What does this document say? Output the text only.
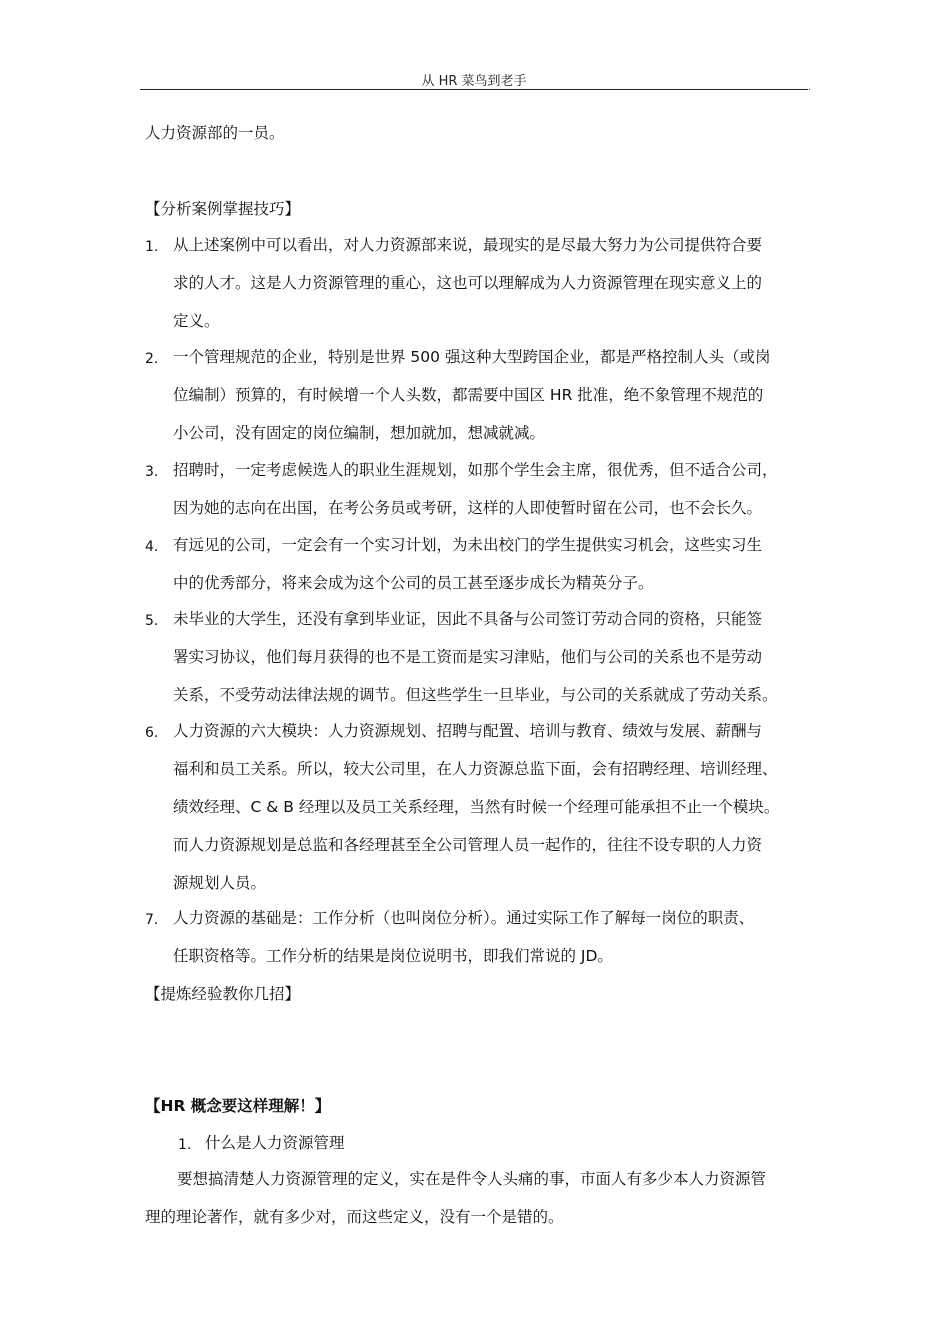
从 HR 菜鸟到老手	.
人力资源部的一员。
【分析案例掌握技巧】
1. 从上述案例中可以看出，对人力资源部来说，最现实的是尽最大努力为公司提供符合要
求的人才。这是人力资源管理的重心，这也可以理解成为人力资源管理在现实意义上的
定义。
2. 一个管理规范的企业，特别是世界 500 强这种大型跨国企业，都是严格控制人头（或岗
位编制）预算的，有时候增一个人头数，都需要中国区 HR 批准，绝不象管理不规范的
小公司，没有固定的岗位编制，想加就加，想减就减。
3. 招聘时，一定考虑候选人的职业生涯规划，如那个学生会主席，很优秀，但不适合公司，
因为她的志向在出国，在考公务员或考研，这样的人即使暂时留在公司，也不会长久。
4. 有远见的公司，一定会有一个实习计划，为未出校门的学生提供实习机会，这些实习生
中的优秀部分，将来会成为这个公司的员工甚至逐步成长为精英分子。
5. 未毕业的大学生，还没有拿到毕业证，因此不具备与公司签订劳动合同的资格，只能签
署实习协议，他们每月获得的也不是工资而是实习津贴，他们与公司的关系也不是劳动
关系，不受劳动法律法规的调节。但这些学生一旦毕业，与公司的关系就成了劳动关系。
6. 人力资源的六大模块：人力资源规划、招聘与配置、培训与教育、绩效与发展、薪酬与
福利和员工关系。所以，较大公司里，在人力资源总监下面，会有招聘经理、培训经理、
绩效经理、C & B 经理以及员工关系经理，当然有时候一个经理可能承担不止一个模块。
而人力资源规划是总监和各经理甚至全公司管理人员一起作的，往往不设专职的人力资
源规划人员。
7. 人力资源的基础是：工作分析（也叫岗位分析）。通过实际工作了解每一岗位的职责、
任职资格等。工作分析的结果是岗位说明书，即我们常说的 JD。
【提炼经验教你几招】
【HR 概念要这样理解！】
1. 什么是人力资源管理
要想搞清楚人力资源管理的定义，实在是件令人头痛的事，市面人有多少本人力资源管
理的理论著作，就有多少对，而这些定义，没有一个是错的。
